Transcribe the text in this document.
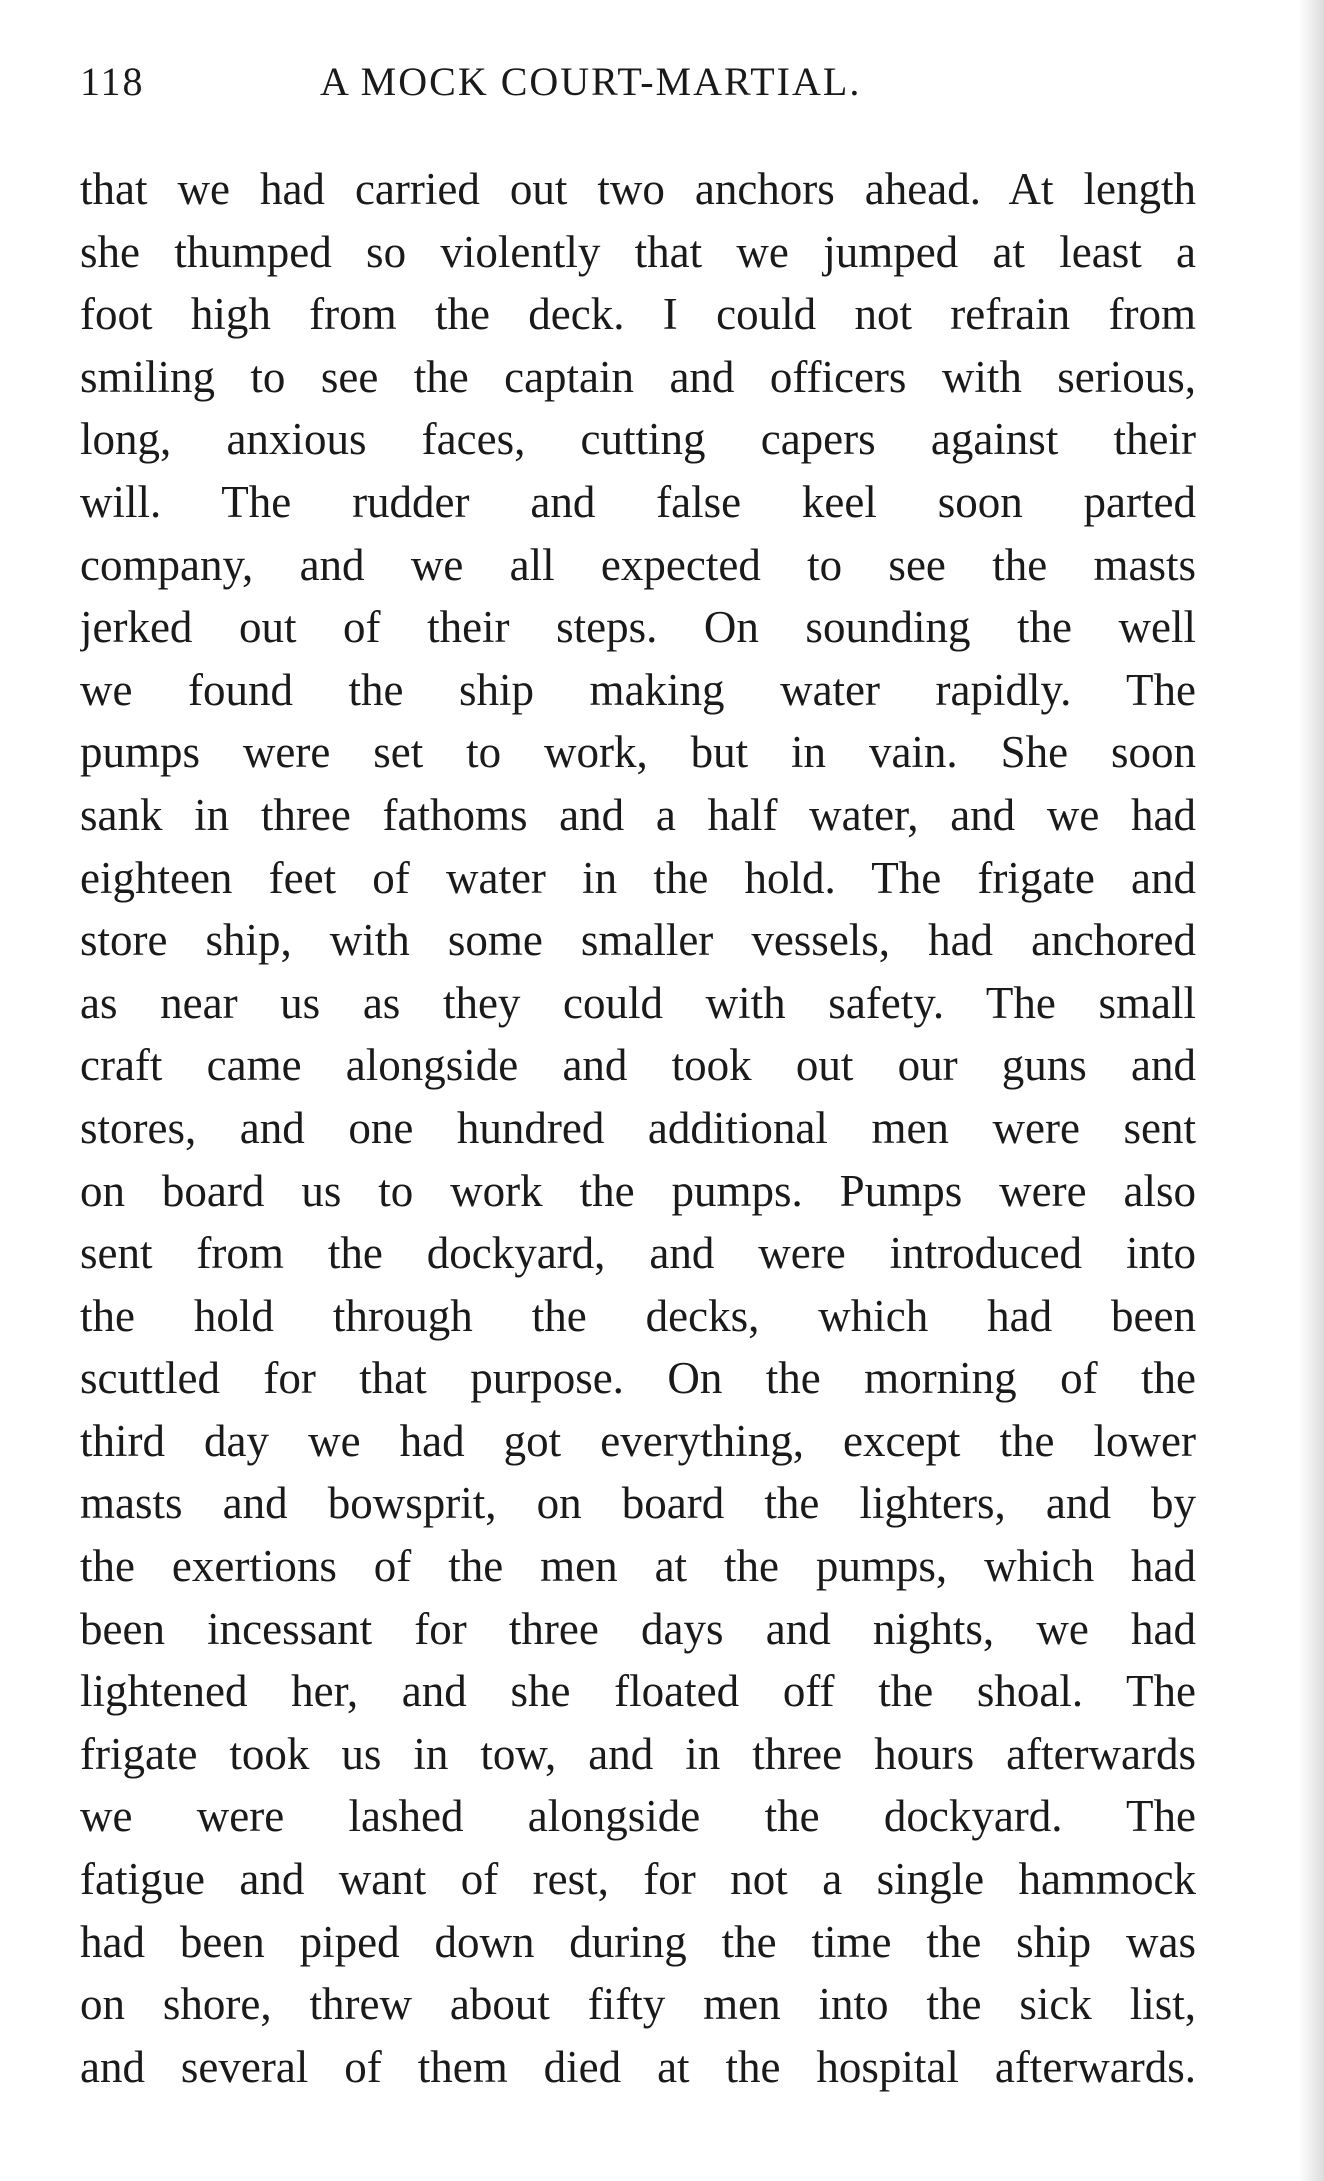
118	A MOCK COURT-MARTIAL.
that we had carried out two anchors ahead. At length
she thumped so violently that we jumped at least a
foot high from the deck. I could not refrain from
smiling to see the captain and officers with serious,
long, anxious faces, cutting capers against their
will. The rudder and false keel soon parted
company, and we all expected to see the masts
jerked out of their steps. On sounding the well
we found the ship making water rapidly. The
pumps were set to work, but in vain. She soon
sank in three fathoms and a half water, and we had
eighteen feet of water in the hold. The frigate and
store ship, with some smaller vessels, had anchored
as near us as they could with safety. The small
craft came alongside and took out our guns and
stores, and one hundred additional men were sent
on board us to work the pumps. Pumps were also
sent from the dockyard, and were introduced into
the hold through the decks, which had been
scuttled for that purpose. On the morning of the
third day we had got everything, except the lower
masts and bowsprit, on board the lighters, and by
the exertions of the men at the pumps, which had
been incessant for three days and nights, we had
lightened her, and she floated off the shoal. The
frigate took us in tow, and in three hours afterwards
we were lashed alongside the dockyard. The
fatigue and want of rest, for not a single hammock
had been piped down during the time the ship was
on shore, threw about fifty men into the sick list,
and several of them died at the hospital afterwards.
